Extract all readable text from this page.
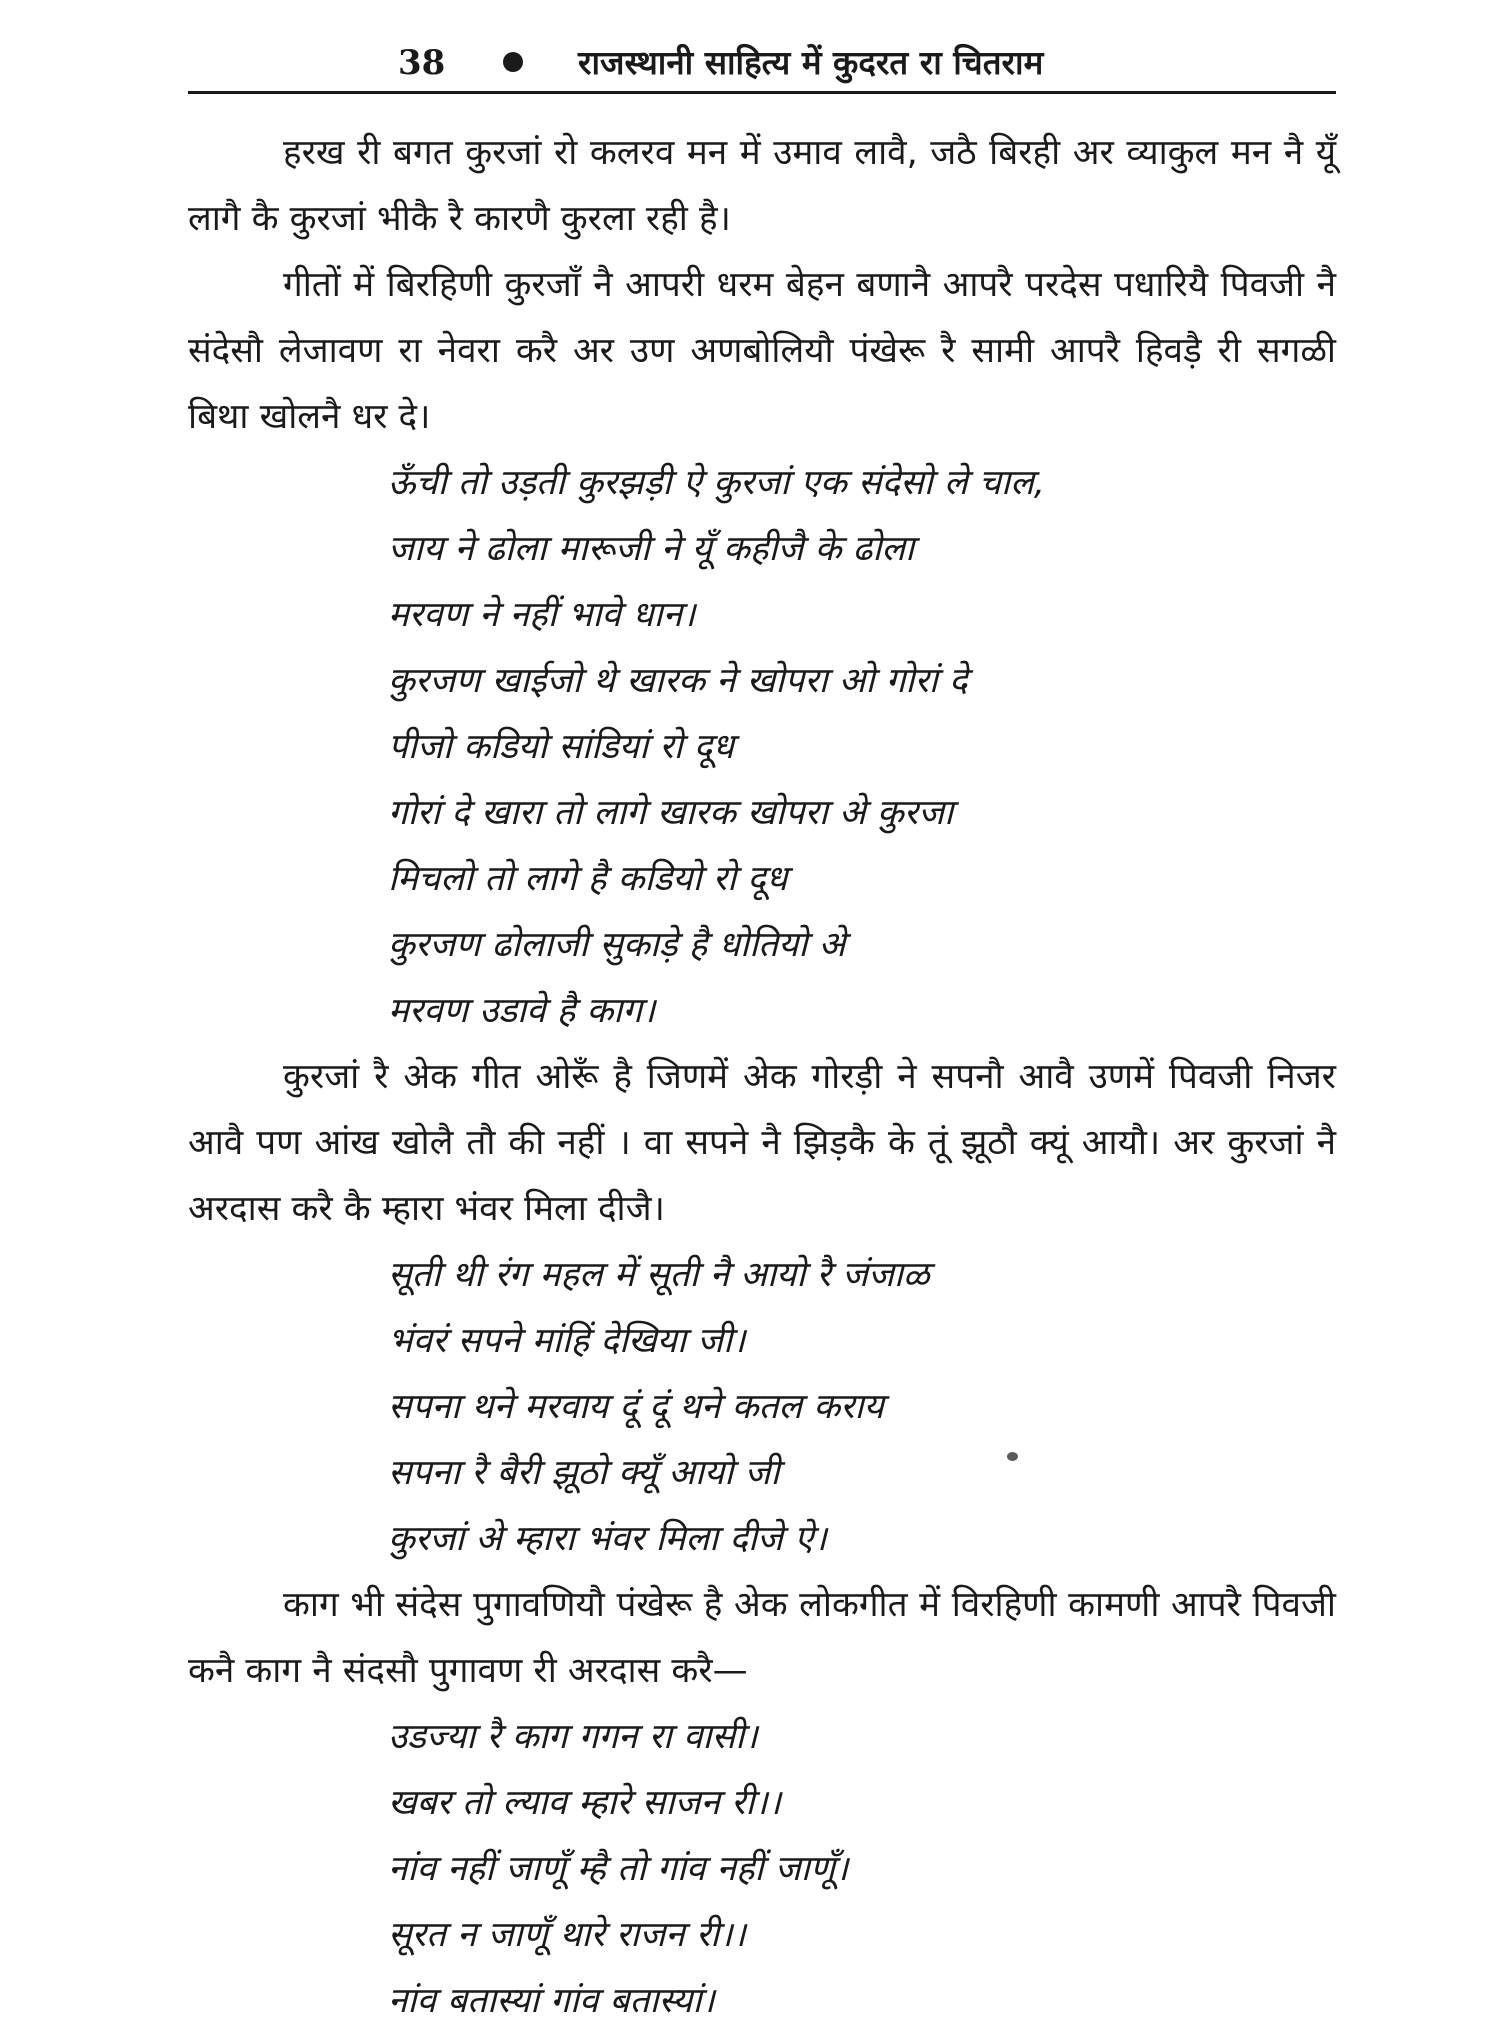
38	राजस्थानी साहित्य में कुदरत रा चितराम

हरख री बगत कुरजां रो कलरव मन में उमाव लावै, जठै बिरही अर व्याकुल मन नै यूँ लागै कै कुरजां भीकै रै कारणै कुरला रही है।

गीतों में बिरहिणी कुरजाँ नै आपरी धरम बेहन बणानै आपरै परदेस पधारियै पिवजी नै संदेसौ लेजावण रा नेवरा करै अर उण अणबोलियौ पंखेरू रै सामी आपरै हिवड़ै री सगळी बिथा खोलनै धर दे।

ऊँची तो उड़ती कुरझड़ी ऐ कुरजां एक संदेसो ले चाल,
जाय ने ढोला मारूजी ने यूँ कहीजै के ढोला
मरवण ने नहीं भावे धान।
कुरजण खाईजो थे खारक ने खोपरा ओ गोरां दे
पीजो कडियो सांडियां रो दूध
गोरां दे खारा तो लागे खारक खोपरा अे कुरजा
मिचलो तो लागे है कडियो रो दूध
कुरजण ढोलाजी सुकाड़े है धोतियो अे
मरवण उडावे है काग।

कुरजां रै अेक गीत ओरूँ है जिणमें अेक गोरड़ी ने सपनौ आवै उणमें पिवजी निजर आवै पण आंख खोलै तौ की नहीं । वा सपने नै झिड़कै के तूं झूठौ क्यूं आयौ। अर कुरजां नै अरदास करै कै म्हारा भंवर मिला दीजै।

सूती थी रंग महल में सूती नै आयो रै जंजाळ
भंवरं सपने मांहिं देखिया जी।
सपना थने मरवाय दूं दूं थने कतल कराय
सपना रै बैरी झूठो क्यूँ आयो जी
कुरजां अे म्हारा भंवर मिला दीजे ऐ।

काग भी संदेस पुगावणियौ पंखेरू है अेक लोकगीत में विरहिणी कामणी आपरै पिवजी कनै काग नै संदसौ पुगावण री अरदास करै—

उडज्या रै काग गगन रा वासी।
खबर तो ल्याव म्हारे साजन री।।
नांव नहीं जाणूँ म्है तो गांव नहीं जाणूँ।
सूरत न जाणूँ थारे राजन री।।
नांव बतास्यां गांव बतास्यां।
